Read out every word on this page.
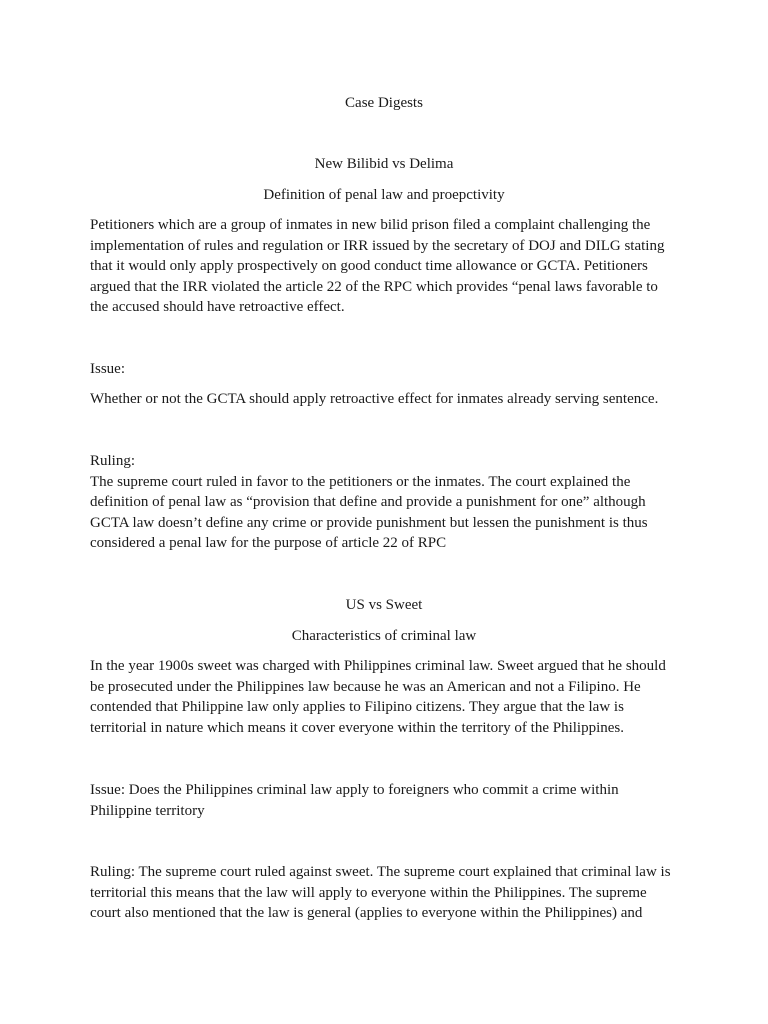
Case Digests

New Bilibid vs Delima

Definition of penal law and proepctivity

Petitioners which are a group of inmates in new bilid prison filed a complaint challenging the
implementation of rules and regulation or IRR issued by the secretary of DOJ and DILG stating
that it would only apply prospectively on good conduct time allowance or GCTA. Petitioners
argued that the IRR violated the article 22 of the RPC which provides “penal laws favorable to
the accused should have retroactive effect.
Issue:
Whether or not the GCTA should apply retroactive effect for inmates already serving sentence.
Ruling:
The supreme court ruled in favor to the petitioners or the inmates. The court explained the
definition of penal law as “provision that define and provide a punishment for one” although
GCTA law doesn’t define any crime or provide punishment but lessen the punishment is thus
considered a penal law for the purpose of article 22 of RPC

US vs Sweet

Characteristics of criminal law

In the year 1900s sweet was charged with Philippines criminal law. Sweet argued that he should
be prosecuted under the Philippines law because he was an American and not a Filipino. He
contended that Philippine law only applies to Filipino citizens. They argue that the law is
territorial in nature which means it cover everyone within the territory of the Philippines.
Issue: Does the Philippines criminal law apply to foreigners who commit a crime within
Philippine territory
Ruling: The supreme court ruled against sweet. The supreme court explained that criminal law is
territorial this means that the law will apply to everyone within the Philippines. The supreme
court also mentioned that the law is general (applies to everyone within the Philippines) and
